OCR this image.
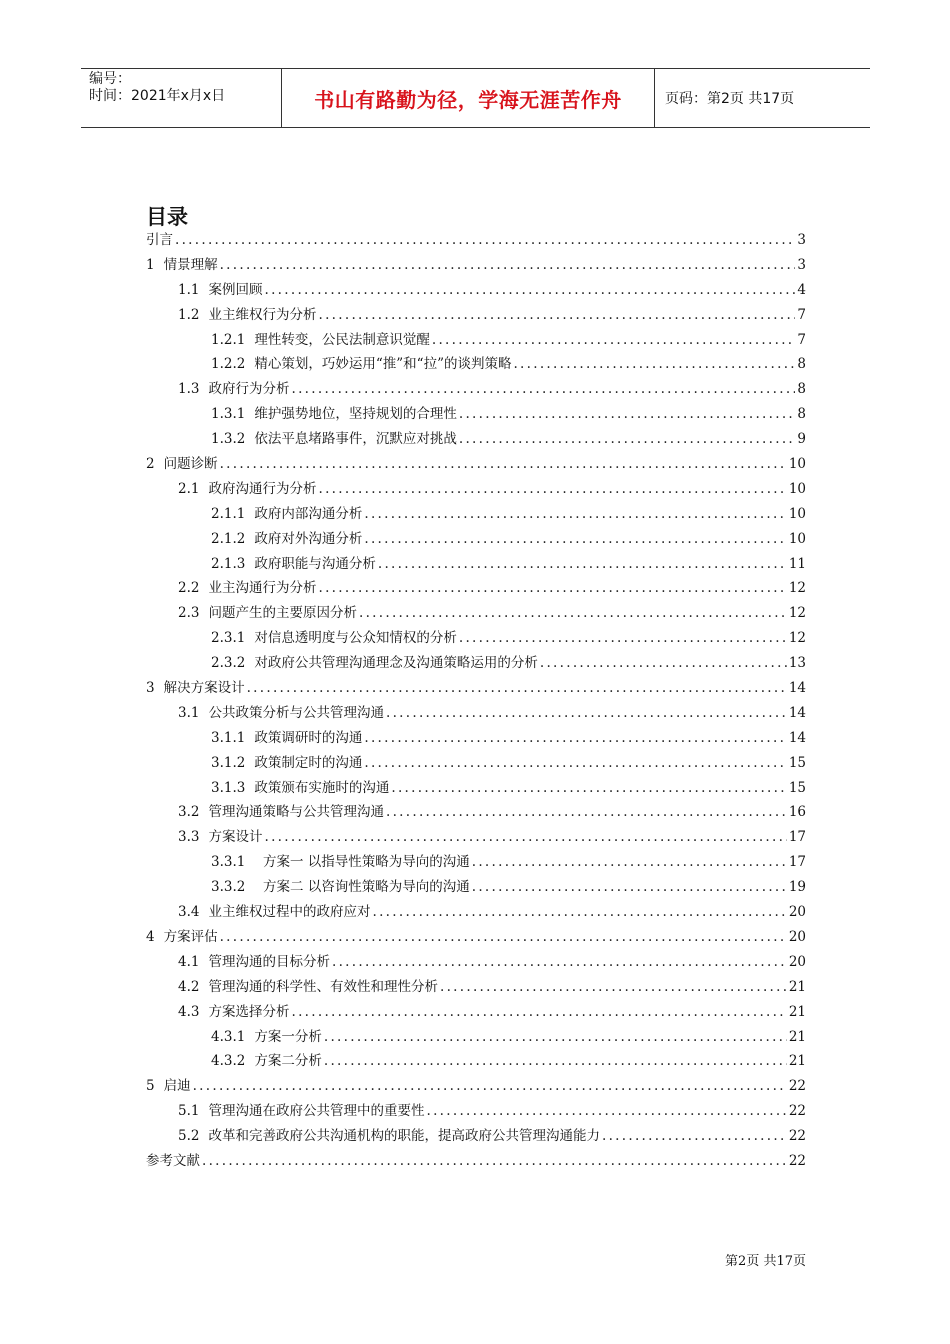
编号：
时间：2021年x月x日	书山有路勤为径，学海无涯苦作舟	页码：第2页 共17页
目录
引言 .....	3
1 情景理解 .....	3
1.1 案例回顾 .....	4
1.2 业主维权行为分析 .....	7
1.2.1 理性转变，公民法制意识觉醒 .....	7
1.2.2 精心策划，巧妙运用“推”和“拉”的谈判策略 .....	8
1.3 政府行为分析 .....	8
1.3.1 维护强势地位，坚持规划的合理性 .....	8
1.3.2 依法平息堵路事件，沉默应对挑战 .....	9
2 问题诊断 .....	10
2.1 政府沟通行为分析 .....	10
2.1.1 政府内部沟通分析 .....	10
2.1.2 政府对外沟通分析 .....	10
2.1.3 政府职能与沟通分析 .....	11
2.2 业主沟通行为分析 .....	12
2.3 问题产生的主要原因分析 .....	12
2.3.1 对信息透明度与公众知情权的分析 .....	12
2.3.2 对政府公共管理沟通理念及沟通策略运用的分析 .....	13
3 解决方案设计 .....	14
3.1 公共政策分析与公共管理沟通 .....	14
3.1.1 政策调研时的沟通 .....	14
3.1.2 政策制定时的沟通 .....	15
3.1.3 政策颁布实施时的沟通 .....	15
3.2 管理沟通策略与公共管理沟通 .....	16
3.3 方案设计 .....	17
3.3.1  方案一 以指导性策略为导向的沟通 .....	17
3.3.2  方案二 以咨询性策略为导向的沟通 .....	19
3.4 业主维权过程中的政府应对 .....	20
4 方案评估 .....	20
4.1 管理沟通的目标分析 .....	20
4.2 管理沟通的科学性、有效性和理性分析 .....	21
4.3 方案选择分析 .....	21
4.3.1 方案一分析 .....	21
4.3.2 方案二分析 .....	21
5 启迪 .....	22
5.1 管理沟通在政府公共管理中的重要性 .....	22
5.2 改革和完善政府公共沟通机构的职能，提高政府公共管理沟通能力 .....	22
参考文献 .....	22
第2页 共17页
